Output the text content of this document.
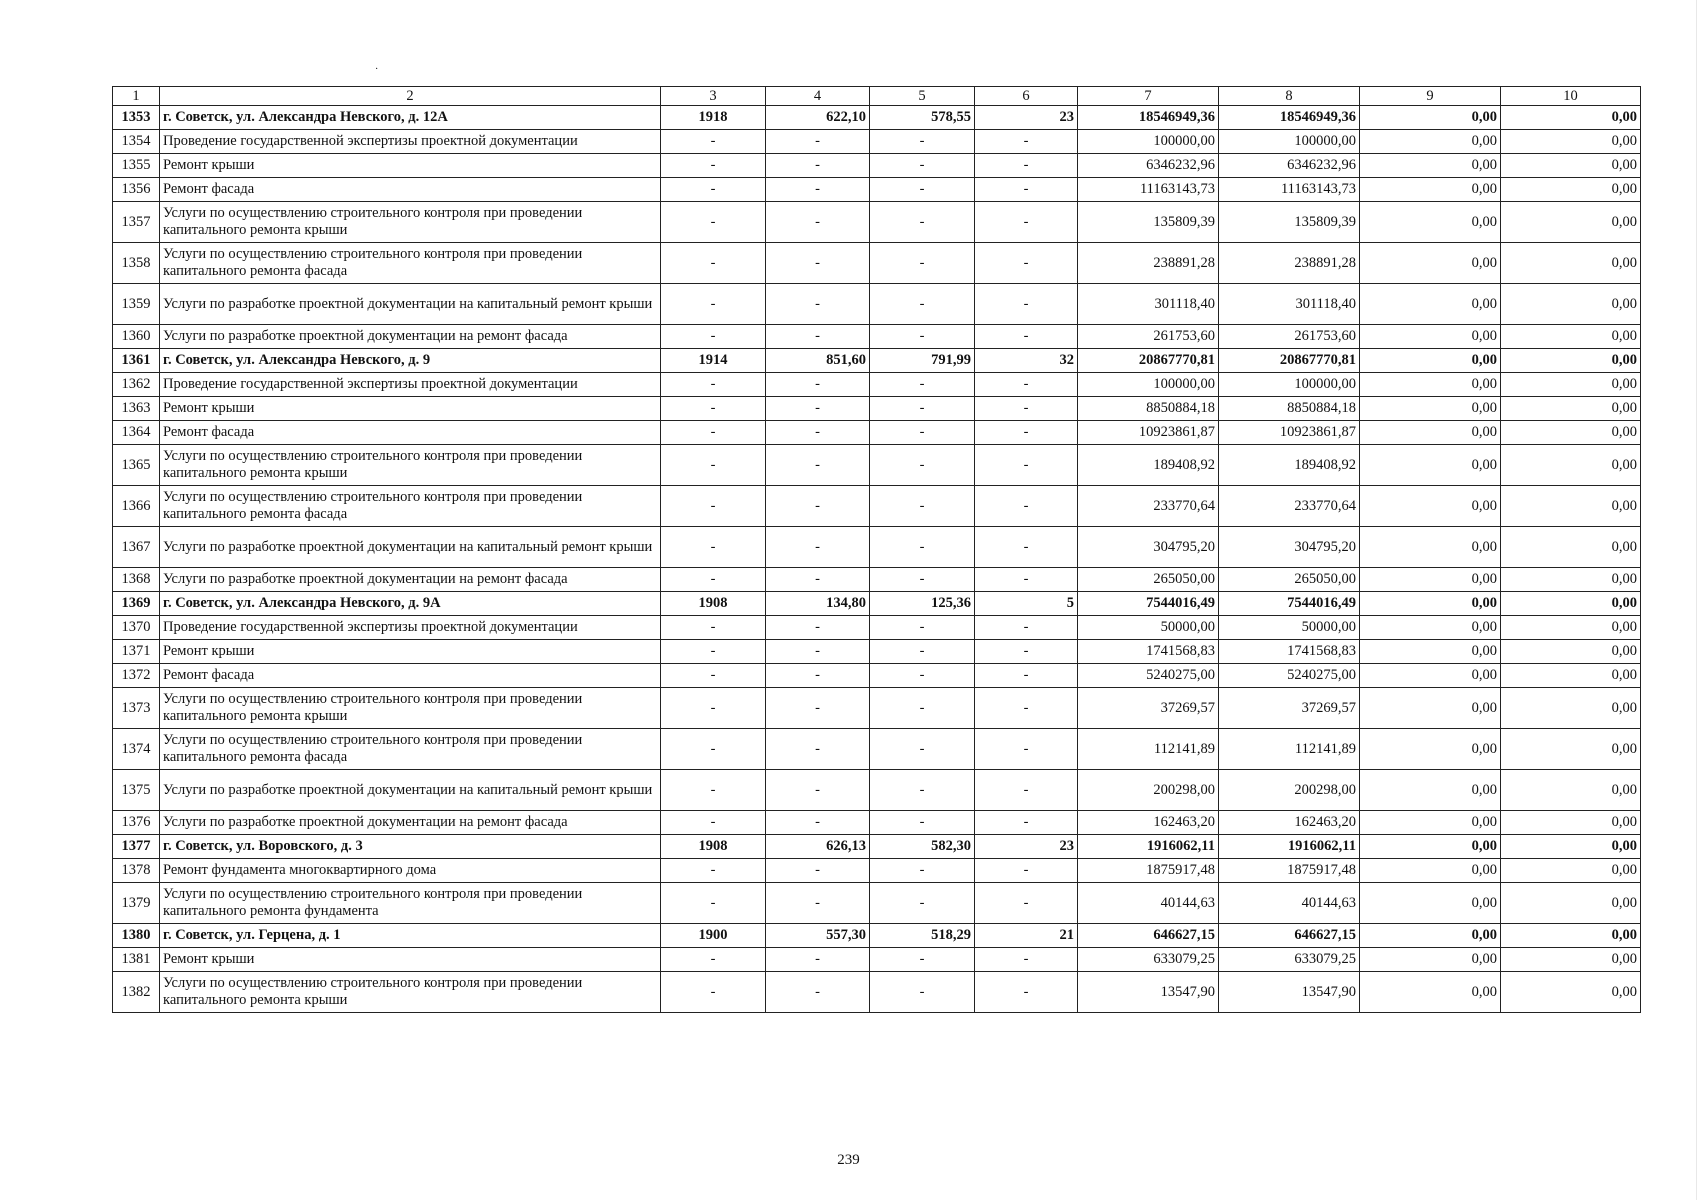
·
1	2	3	4	5	6	7	8	9	10
1353	г. Советск, ул. Александра Невского, д. 12А	1918	622,10	578,55	23	18546949,36	18546949,36	0,00	0,00
1354	Проведение государственной экспертизы проектной документации	-	-	-	-	100000,00	100000,00	0,00	0,00
1355	Ремонт крыши	-	-	-	-	6346232,96	6346232,96	0,00	0,00
1356	Ремонт фасада	-	-	-	-	11163143,73	11163143,73	0,00	0,00
1357	Услуги по осуществлению строительного контроля при проведении капитального ремонта крыши	-	-	-	-	135809,39	135809,39	0,00	0,00
1358	Услуги по осуществлению строительного контроля при проведении капитального ремонта фасада	-	-	-	-	238891,28	238891,28	0,00	0,00
1359	Услуги по разработке проектной документации на капитальный ремонт крыши	-	-	-	-	301118,40	301118,40	0,00	0,00
1360	Услуги по разработке проектной документации на ремонт фасада	-	-	-	-	261753,60	261753,60	0,00	0,00
1361	г. Советск, ул. Александра Невского, д. 9	1914	851,60	791,99	32	20867770,81	20867770,81	0,00	0,00
1362	Проведение государственной экспертизы проектной документации	-	-	-	-	100000,00	100000,00	0,00	0,00
1363	Ремонт крыши	-	-	-	-	8850884,18	8850884,18	0,00	0,00
1364	Ремонт фасада	-	-	-	-	10923861,87	10923861,87	0,00	0,00
1365	Услуги по осуществлению строительного контроля при проведении капитального ремонта крыши	-	-	-	-	189408,92	189408,92	0,00	0,00
1366	Услуги по осуществлению строительного контроля при проведении капитального ремонта фасада	-	-	-	-	233770,64	233770,64	0,00	0,00
1367	Услуги по разработке проектной документации на капитальный ремонт крыши	-	-	-	-	304795,20	304795,20	0,00	0,00
1368	Услуги по разработке проектной документации на ремонт фасада	-	-	-	-	265050,00	265050,00	0,00	0,00
1369	г. Советск, ул. Александра Невского, д. 9А	1908	134,80	125,36	5	7544016,49	7544016,49	0,00	0,00
1370	Проведение государственной экспертизы проектной документации	-	-	-	-	50000,00	50000,00	0,00	0,00
1371	Ремонт крыши	-	-	-	-	1741568,83	1741568,83	0,00	0,00
1372	Ремонт фасада	-	-	-	-	5240275,00	5240275,00	0,00	0,00
1373	Услуги по осуществлению строительного контроля при проведении капитального ремонта крыши	-	-	-	-	37269,57	37269,57	0,00	0,00
1374	Услуги по осуществлению строительного контроля при проведении капитального ремонта фасада	-	-	-	-	112141,89	112141,89	0,00	0,00
1375	Услуги по разработке проектной документации на капитальный ремонт крыши	-	-	-	-	200298,00	200298,00	0,00	0,00
1376	Услуги по разработке проектной документации на ремонт фасада	-	-	-	-	162463,20	162463,20	0,00	0,00
1377	г. Советск, ул. Воровского, д. 3	1908	626,13	582,30	23	1916062,11	1916062,11	0,00	0,00
1378	Ремонт фундамента многоквартирного дома	-	-	-	-	1875917,48	1875917,48	0,00	0,00
1379	Услуги по осуществлению строительного контроля при проведении капитального ремонта фундамента	-	-	-	-	40144,63	40144,63	0,00	0,00
1380	г. Советск, ул. Герцена, д. 1	1900	557,30	518,29	21	646627,15	646627,15	0,00	0,00
1381	Ремонт крыши	-	-	-	-	633079,25	633079,25	0,00	0,00
1382	Услуги по осуществлению строительного контроля при проведении капитального ремонта крыши	-	-	-	-	13547,90	13547,90	0,00	0,00
239
